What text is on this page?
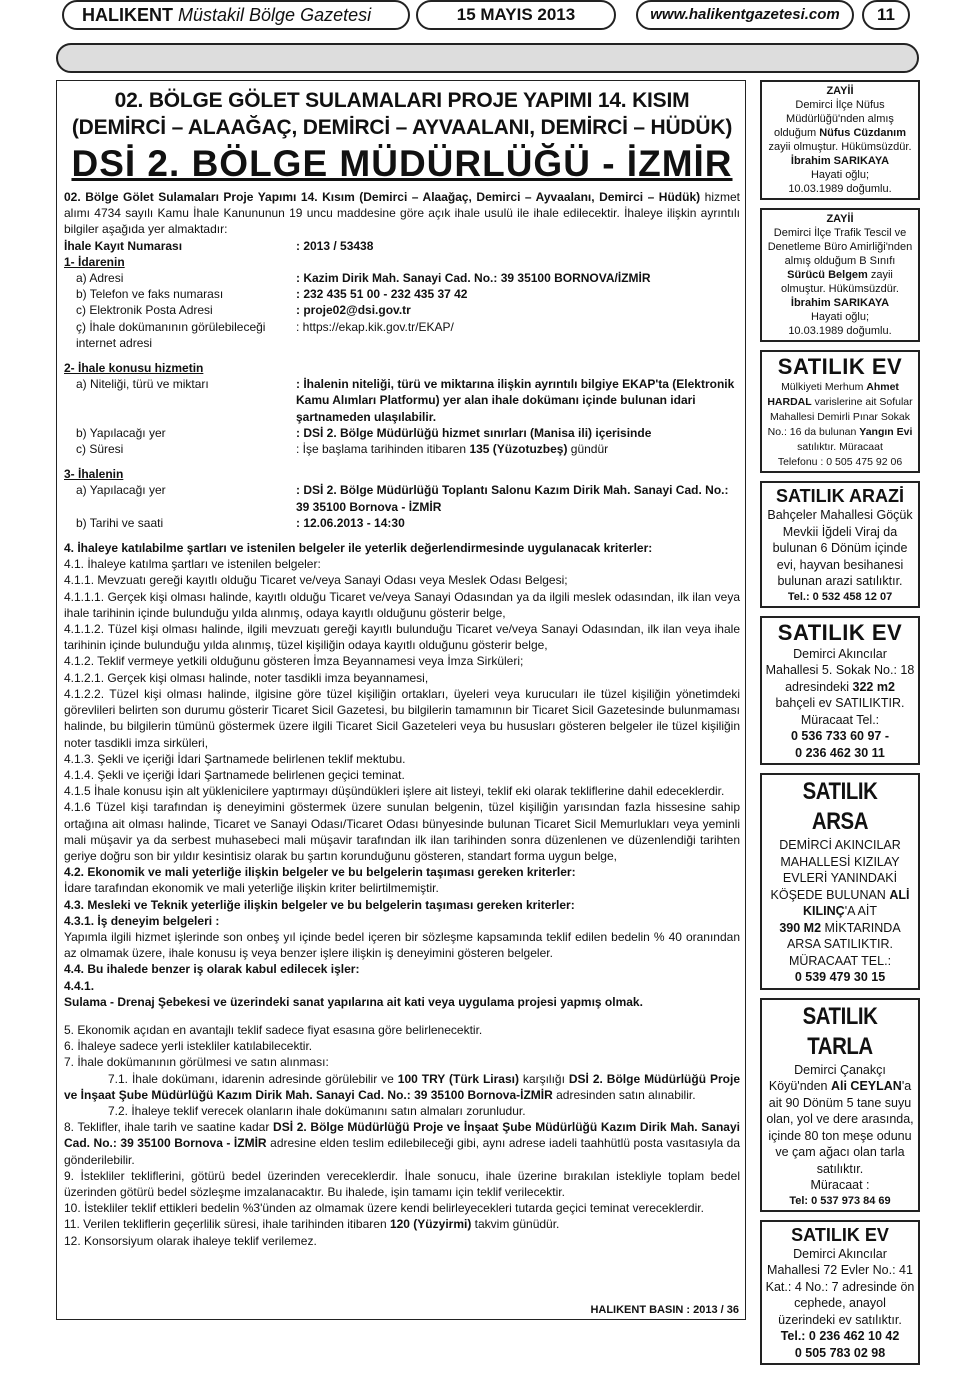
HALIKENT Müstakil Bölge Gazetesi	15 MAYIS 2013	www.halikentgazetesi.com	11
02. BÖLGE GÖLET SULAMALARI PROJE YAPIMI 14. KISIM
(DEMİRCİ – ALAAĞAÇ, DEMİRCİ – AYVAALANI, DEMİRCİ – HÜDÜK)
DSİ 2. BÖLGE MÜDÜRLÜĞÜ - İZMİR
02. Bölge Gölet Sulamaları Proje Yapımı 14. Kısım (Demirci – Alaağaç, Demirci – Ayvaalanı, Demirci – Hüdük) hizmet alımı 4734 sayılı Kamu İhale Kanununun 19 uncu maddesine göre açık ihale usulü ile ihale edilecektir. İhaleye ilişkin ayrıntılı bilgiler aşağıda yer almaktadır:
İhale Kayıt Numarası	: 2013 / 53438
1- İdarenin
a) Adresi	: Kazim Dirik Mah. Sanayi Cad. No.: 39 35100 BORNOVA/İZMİR
b) Telefon ve faks numarası	: 232 435 51 00 - 232 435 37 42
c) Elektronik Posta Adresi	: proje02@dsi.gov.tr
ç) İhale dokümanının görülebileceği internet adresi
: https://ekap.kik.gov.tr/EKAP/
2- İhale konusu hizmetin
a) Niteliği, türü ve miktarı	: İhalenin niteliği, türü ve miktarına ilişkin ayrıntılı bilgiye EKAP'ta (Elektronik Kamu Alımları Platformu) yer alan ihale dokümanı içinde bulunan idari şartnameden ulaşılabilir.
b) Yapılacağı yer	: DSİ 2. Bölge Müdürlüğü hizmet sınırları (Manisa ili) içerisinde
c) Süresi	: İşe başlama tarihinden itibaren 135 (Yüzotuzbeş) gündür
3- İhalenin
a) Yapılacağı yer	: DSİ 2. Bölge Müdürlüğü Toplantı Salonu Kazım Dirik Mah. Sanayi Cad. No.: 39 35100 Bornova - İZMİR
b) Tarihi ve saati	: 12.06.2013 - 14:30
4. İhaleye katılabilme şartları ve istenilen belgeler ile yeterlik değerlendirmesinde uygulanacak kriterler:
4.1. İhaleye katılma şartları ve istenilen belgeler:
4.1.1. Mevzuatı gereği kayıtlı olduğu Ticaret ve/veya Sanayi Odası veya Meslek Odası Belgesi;
4.1.1.1. Gerçek kişi olması halinde, kayıtlı olduğu Ticaret ve/veya Sanayi Odasından ya da ilgili meslek odasından, ilk ilan veya ihale tarihinin içinde bulunduğu yılda alınmış, odaya kayıtlı olduğunu gösterir belge,
4.1.1.2. Tüzel kişi olması halinde, ilgili mevzuatı gereği kayıtlı bulunduğu Ticaret ve/veya Sanayi Odasından, ilk ilan veya ihale tarihinin içinde bulunduğu yılda alınmış, tüzel kişiliğin odaya kayıtlı olduğunu gösterir belge,
4.1.2. Teklif vermeye yetkili olduğunu gösteren İmza Beyannamesi veya İmza Sirküleri;
4.1.2.1. Gerçek kişi olması halinde, noter tasdikli imza beyannamesi,
4.1.2.2. Tüzel kişi olması halinde, ilgisine göre tüzel kişiliğin ortakları, üyeleri veya kurucuları ile tüzel kişiliğin yönetimdeki görevlileri belirten son durumu gösterir Ticaret Sicil Gazetesi, bu bilgilerin tamamının bir Ticaret Sicil Gazetesinde bulunmaması halinde, bu bilgilerin tümünü göstermek üzere ilgili Ticaret Sicil Gazeteleri veya bu hususları gösteren belgeler ile tüzel kişiliğin noter tasdikli imza sirküleri,
4.1.3. Şekli ve içeriği İdari Şartnamede belirlenen teklif mektubu.
4.1.4. Şekli ve içeriği İdari Şartnamede belirlenen geçici teminat.
4.1.5 İhale konusu işin alt yüklenicilere yaptırmayı düşündükleri işlere ait listeyi, teklif eki olarak tekliflerine dahil edeceklerdir.
4.1.6 Tüzel kişi tarafından iş deneyimini göstermek üzere sunulan belgenin, tüzel kişiliğin yarısından fazla hissesine sahip ortağına ait olması halinde, Ticaret ve Sanayi Odası/Ticaret Odası bünyesinde bulunan Ticaret Sicil Memurlukları veya yeminli mali müşavir ya da serbest muhasebeci mali müşavir tarafından ilk ilan tarihinden sonra düzenlenen ve düzenlendiği tarihten geriye doğru son bir yıldır kesintisiz olarak bu şartın korunduğunu gösteren, standart forma uygun belge,
4.2. Ekonomik ve mali yeterliğe ilişkin belgeler ve bu belgelerin taşıması gereken kriterler:
İdare tarafından ekonomik ve mali yeterliğe ilişkin kriter belirtilmemiştir.
4.3. Mesleki ve Teknik yeterliğe ilişkin belgeler ve bu belgelerin taşıması gereken kriterler:
4.3.1. İş deneyim belgeleri :
Yapımla ilgili hizmet işlerinde son onbeş yıl içinde bedel içeren bir sözleşme kapsamında teklif edilen bedelin % 40 oranından az olmamak üzere, ihale konusu iş veya benzer işlere ilişkin iş deneyimini gösteren belgeler.
4.4. Bu ihalede benzer iş olarak kabul edilecek işler:
4.4.1.
Sulama - Drenaj Şebekesi ve üzerindeki sanat yapılarına ait kati veya uygulama projesi yapmış olmak.
5. Ekonomik açıdan en avantajlı teklif sadece fiyat esasına göre belirlenecektir.
6. İhaleye sadece yerli istekliler katılabilecektir.
7. İhale dokümanının görülmesi ve satın alınması:
7.1. İhale dokümanı, idarenin adresinde görülebilir ve 100 TRY (Türk Lirası) karşılığı DSİ 2. Bölge Müdürlüğü Proje ve İnşaat Şube Müdürlüğü Kazım Dirik Mah. Sanayi Cad. No.: 39 35100 Bornova-İZMİR adresinden satın alınabilir.
7.2. İhaleye teklif verecek olanların ihale dokümanını satın almaları zorunludur.
8. Teklifler, ihale tarih ve saatine kadar DSİ 2. Bölge Müdürlüğü Proje ve İnşaat Şube Müdürlüğü Kazım Dirik Mah. Sanayi Cad. No.: 39 35100 Bornova - İZMİR adresine elden teslim edilebileceği gibi, aynı adrese iadeli taahhütlü posta vasıtasıyla da gönderilebilir.
9. İstekliler tekliflerini, götürü bedel üzerinden vereceklerdir. İhale sonucu, ihale üzerine bırakılan istekliyle toplam bedel üzerinden götürü bedel sözleşme imzalanacaktır. Bu ihalede, işin tamamı için teklif verilecektir.
10. İstekliler teklif ettikleri bedelin %3'ünden az olmamak üzere kendi belirleyecekleri tutarda geçici teminat vereceklerdir.
11. Verilen tekliflerin geçerlilik süresi, ihale tarihinden itibaren 120 (Yüzyirmi) takvim günüdür.
12. Konsorsiyum olarak ihaleye teklif verilemez.
HALIKENT BASIN : 2013 / 36
ZAYİİ
Demirci İlçe Nüfus Müdürlüğü'nden almış olduğum Nüfus Cüzdanım zayii olmuştur. Hükümsüzdür.
İbrahim SARIKAYA
Hayati oğlu;
10.03.1989 doğumlu.
ZAYİİ
Demirci İlçe Trafik Tescil ve Denetleme Büro Amirliği'nden almış olduğum B Sınıfı Sürücü Belgem zayii olmuştur. Hükümsüzdür.
İbrahim SARIKAYA
Hayati oğlu;
10.03.1989 doğumlu.
SATILIK EV
Mülkiyeti Merhum Ahmet HARDAL varislerine ait Sofular Mahallesi Demirli Pınar Sokak No.: 16 da bulunan Yangın Evi satılıktır. Müracaat
Telefonu : 0 505 475 92 06
SATILIK ARAZİ
Bahçeler Mahallesi Göçük Mevkii İğdeli Viraj da bulunan 6 Dönüm içinde evi, hayvan besihanesi bulunan arazi satılıktır.
Tel.: 0 532 458 12 07
SATILIK EV
Demirci Akıncılar Mahallesi 5. Sokak No.: 18 adresindeki 322 m2 bahçeli ev SATILIKTIR.
Müracaat Tel.:
0 536 733 60 97 -
0 236 462 30 11
SATILIK ARSA
DEMİRCİ AKINCILAR MAHALLESİ KIZILAY EVLERİ YANINDAKİ KÖŞEDE BULUNAN ALİ KILINÇ'A AİT
390 M2 MİKTARINDA ARSA SATILIKTIR. MÜRACAAT TEL.:
0 539 479 30 15
SATILIK TARLA
Demirci Çanakçı Köyü'nden Ali CEYLAN'a ait 90 Dönüm 5 tane suyu olan, yol ve dere arasında, içinde 80 ton meşe odunu ve çam ağacı olan tarla satılıktır.
Müracaat :
Tel: 0 537 973 84 69
SATILIK EV
Demirci Akıncılar Mahallesi 72 Evler No.: 41 Kat.: 4 No.: 7 adresinde ön cephede, anayol üzerindeki ev satılıktır.
Tel.: 0 236 462 10 42
0 505 783 02 98
